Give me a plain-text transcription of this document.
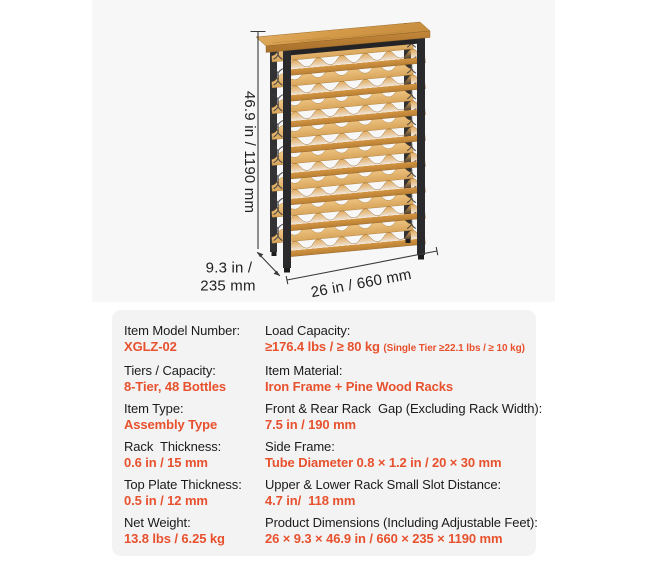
46.9 in / 1190 mm
9.3 in /
235 mm	26 in / 660 mm
Item Model Number:
XGLZ-02
Load Capacity:
≥176.4 lbs / ≥ 80 kg (Single Tier ≥22.1 lbs / ≥ 10 kg)
Tiers / Capacity:
8-Tier, 48 Bottles
Item Material:
Iron Frame + Pine Wood Racks
Item Type:
Assembly Type
Front & Rear Rack  Gap (Excluding Rack Width):
7.5 in / 190 mm
Rack  Thickness:
0.6 in / 15 mm
Side Frame:
Tube Diameter 0.8 × 1.2 in / 20 × 30 mm
Top Plate Thickness:
0.5 in / 12 mm
Upper & Lower Rack Small Slot Distance:
4.7 in/  118 mm
Net Weight:
13.8 lbs / 6.25 kg
Product Dimensions (Including Adjustable Feet):
26 × 9.3 × 46.9 in / 660 × 235 × 1190 mm
